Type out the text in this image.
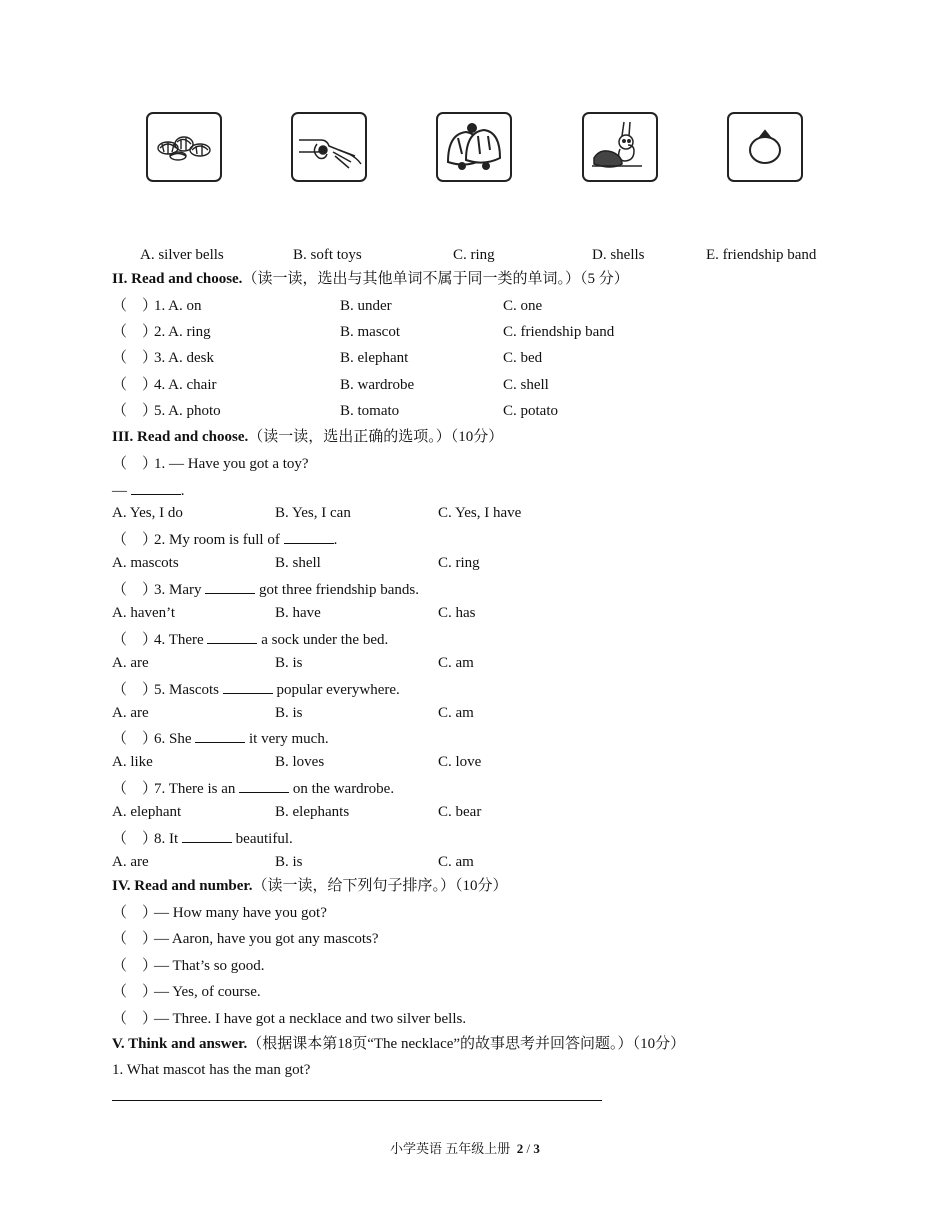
A. silver bells	B. soft toys	C. ring	D. shells	E. friendship band
II. Read and choose.（读一读，选出与其他单词不属于同一类的单词。）（5 分）
（　）1. A. on	B. under	C. one
（　）2. A. ring	B. mascot	C. friendship band
（　）3. A. desk	B. elephant	C. bed
（　）4. A. chair	B. wardrobe	C. shell
（　）5. A. photo	B. tomato	C. potato
III. Read and choose.（读一读，选出正确的选项。）（10分）
（　）1. — Have you got a toy?
—	.
A. Yes, I do	B. Yes, I can	C. Yes, I have
（　）2. My room is full of	.
A. mascots	B. shell	C. ring
（　）3. Mary	got three friendship bands.
A. haven’t	B. have	C. has
（　）4. There	a sock under the bed.
A. are	B. is	C. am
（　）5. Mascots	popular everywhere.
A. are	B. is	C. am
（　）6. She	it very much.
A. like	B. loves	C. love
（　）7. There is an	on the wardrobe.
A. elephant	B. elephants	C. bear
（　）8. It	beautiful.
A. are	B. is	C. am
IV. Read and number.（读一读，给下列句子排序。）（10分）
（　）— How many have you got?
（　）— Aaron, have you got any mascots?
（　）— That’s so good.
（　）— Yes, of course.
（　）— Three. I have got a necklace and two silver bells.
V. Think and answer.（根据课本第18页“The necklace”的故事思考并回答问题。）（10分）
1. What mascot has the man got?
小学英语 五年级上册 2 / 3
